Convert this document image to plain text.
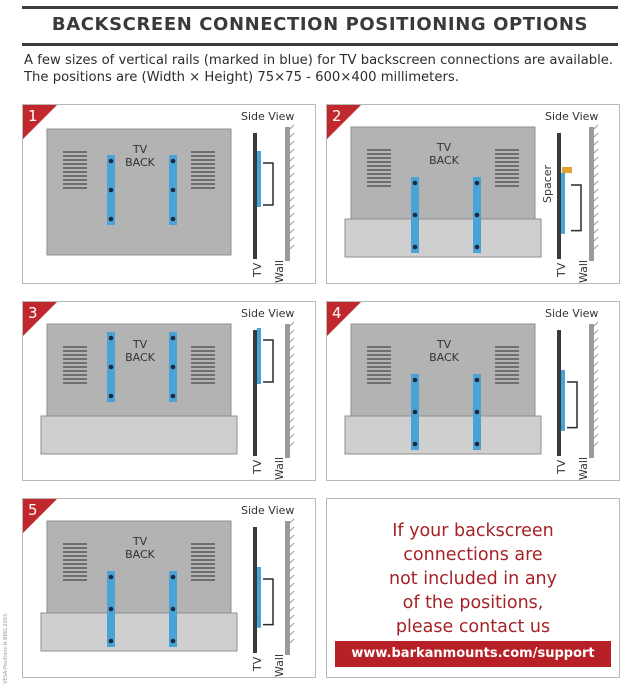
BACKSCREEN CONNECTION POSITIONING OPTIONS
A few sizes of vertical rails (marked in blue) for TV backscreen connections are available.
The positions are (Width × Height) 75×75 - 600×400 millimeters.
1	Side View
TV
BACK
TV Wall
2	Side View
TV
BACK
TV Wall
Spacer
3	Side View
TV
BACK
TV Wall
4	Side View
TV
BACK
TV Wall
5	Side View
TV
BACK
TV Wall
If your backscreen
connections are
not included in any
of the positions,
please contact us
www.barkanmounts.com/support
VESA-Positions-N BMG 2003
